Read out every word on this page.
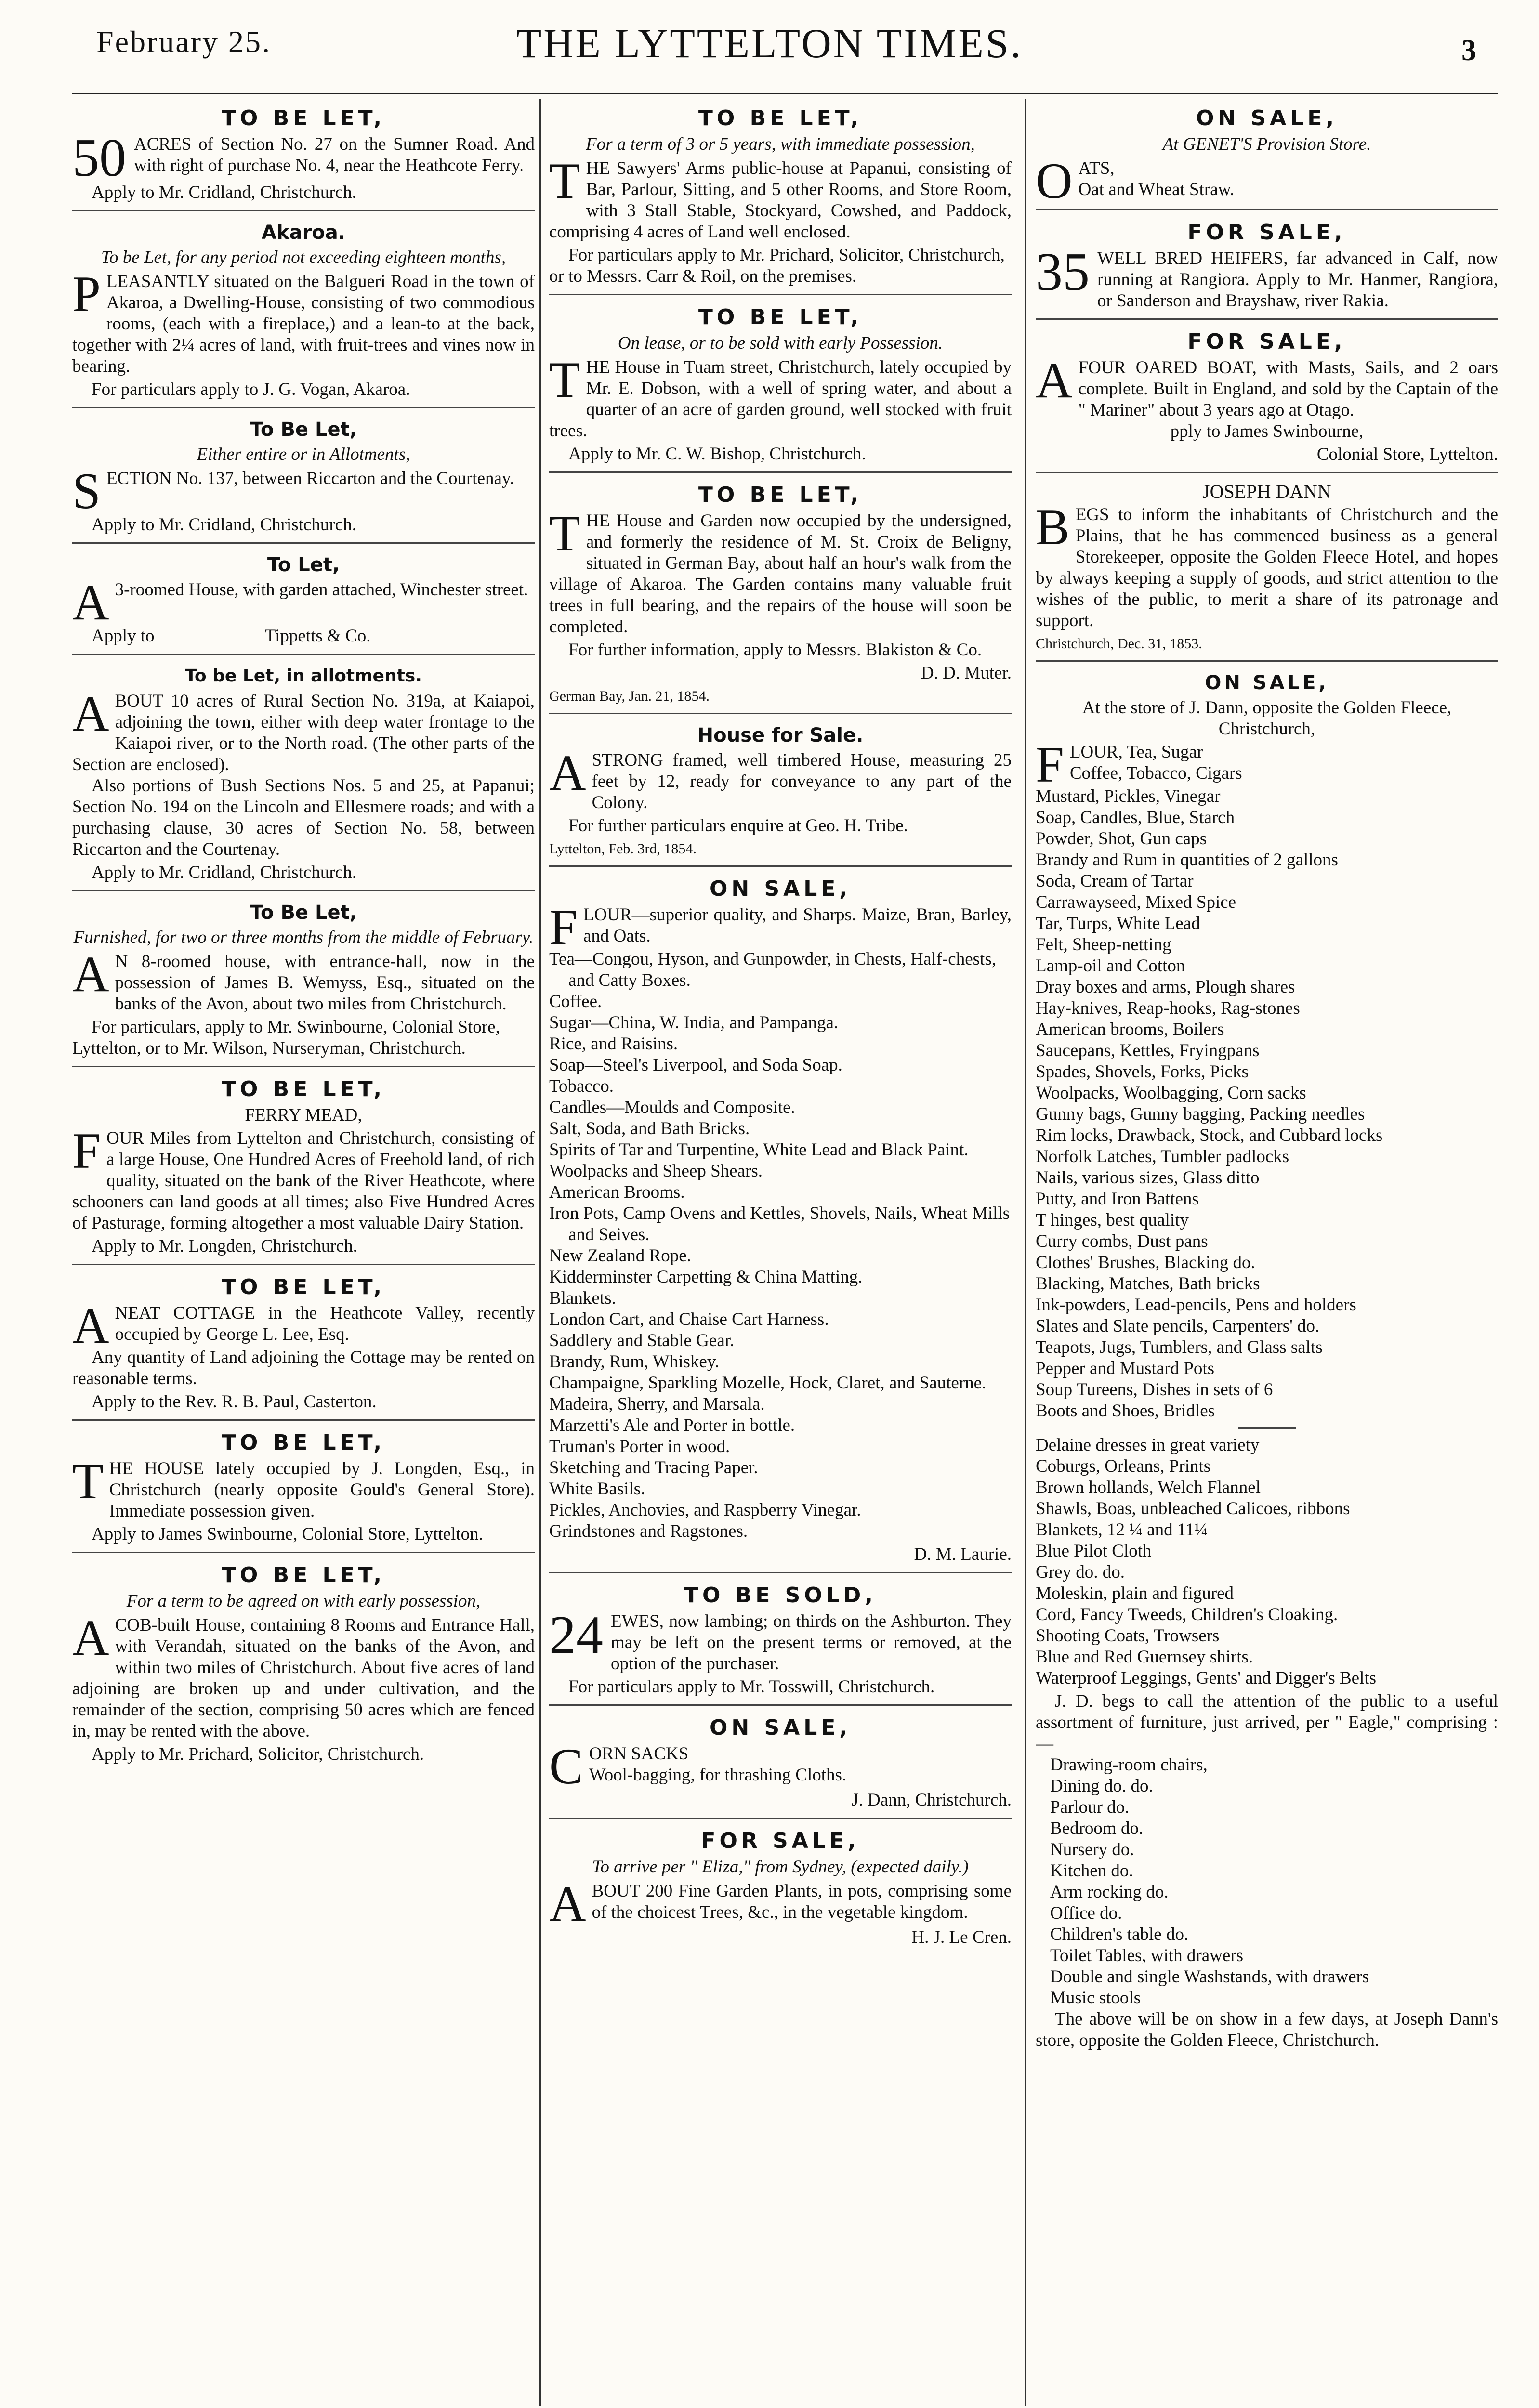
February 25.	THE LYTTELTON TIMES.	3
TO BE LET,
50 ACRES of Section No. 27 on the Sumner Road. And with right of purchase No. 4, near the Heathcote Ferry.

Apply to Mr. Cridland, Christchurch.
Akaroa.
To be Let, for any period not exceeding eighteen months,
P LEASANTLY situated on the Balgueri Road in the town of Akaroa, a Dwelling-House, consisting of two commodious rooms, (each with a fireplace,) and a lean-to at the back, together with 2¼ acres of land, with fruit-trees and vines now in bearing.

For particulars apply to J. G. Vogan, Akaroa.
To Be Let,
Either entire or in Allotments,
S ECTION No. 137, between Riccarton and the Courtenay.

Apply to Mr. Cridland, Christchurch.
To Let,
A 3-roomed House, with garden attached, Winchester street.

Apply to	Tippetts & Co.
To be Let, in allotments.
A BOUT 10 acres of Rural Section No. 319a, at Kaiapoi, adjoining the town, either with deep water frontage to the Kaiapoi river, or to the North road. (The other parts of the Section are enclosed).

Also portions of Bush Sections Nos. 5 and 25, at Papanui; Section No. 194 on the Lincoln and Ellesmere roads; and with a purchasing clause, 30 acres of Section No. 58, between Riccarton and the Courtenay.

Apply to Mr. Cridland, Christchurch.
To Be Let,
Furnished, for two or three months from the middle of February.
A N 8-roomed house, with entrance-hall, now in the possession of James B. Wemyss, Esq., situated on the banks of the Avon, about two miles from Christchurch.

For particulars, apply to Mr. Swinbourne, Colonial Store, Lyttelton, or to Mr. Wilson, Nurseryman, Christchurch.
TO BE LET,
FERRY MEAD,
F OUR Miles from Lyttelton and Christchurch, consisting of a large House, One Hundred Acres of Freehold land, of rich quality, situated on the bank of the River Heathcote, where schooners can land goods at all times; also Five Hundred Acres of Pasturage, forming altogether a most valuable Dairy Station.

Apply to Mr. Longden, Christchurch.
TO BE LET,
A NEAT COTTAGE in the Heathcote Valley, recently occupied by George L. Lee, Esq.

Any quantity of Land adjoining the Cottage may be rented on reasonable terms.

Apply to the Rev. R. B. Paul, Casterton.
TO BE LET,
T HE HOUSE lately occupied by J. Longden, Esq., in Christchurch (nearly opposite Gould's General Store). Immediate possession given.

Apply to James Swinbourne, Colonial Store, Lyttelton.
TO BE LET,
For a term to be agreed on with early possession,
A COB-built House, containing 8 Rooms and Entrance Hall, with Verandah, situated on the banks of the Avon, and within two miles of Christchurch. About five acres of land adjoining are broken up and under cultivation, and the remainder of the section, comprising 50 acres which are fenced in, may be rented with the above.

Apply to Mr. Prichard, Solicitor, Christchurch.
TO BE LET,
For a term of 3 or 5 years, with immediate possession,
T HE Sawyers' Arms public-house at Papanui, consisting of Bar, Parlour, Sitting, and 5 other Rooms, and Store Room, with 3 Stall Stable, Stockyard, Cowshed, and Paddock, comprising 4 acres of Land well enclosed.

For particulars apply to Mr. Prichard, Solicitor, Christchurch, or to Messrs. Carr & Roil, on the premises.
TO BE LET,
On lease, or to be sold with early Possession.
T HE House in Tuam street, Christchurch, lately occupied by Mr. E. Dobson, with a well of spring water, and about a quarter of an acre of garden ground, well stocked with fruit trees.

Apply to Mr. C. W. Bishop, Christchurch.
TO BE LET,
T HE House and Garden now occupied by the undersigned, and formerly the residence of M. St. Croix de Beligny, situated in German Bay, about half an hour's walk from the village of Akaroa. The Garden contains many valuable fruit trees in full bearing, and the repairs of the house will soon be completed.

For further information, apply to Messrs. Blakiston & Co.
D. D. Muter.
German Bay, Jan. 21, 1854.
House for Sale.
A STRONG framed, well timbered House, measuring 25 feet by 12, ready for conveyance to any part of the Colony.

For further particulars enquire at Geo. H. Tribe.
Lyttelton, Feb. 3rd, 1854.
ON SALE,
F LOUR—superior quality, and Sharps. Maize, Bran, Barley, and Oats.

Tea—Congou, Hyson, and Gunpowder, in Chests, Half-chests, and Catty Boxes.
Coffee.
Sugar—China, W. India, and Pampanga.
Rice, and Raisins.
Soap—Steel's Liverpool, and Soda Soap.
Tobacco.
Candles—Moulds and Composite.
Salt, Soda, and Bath Bricks.
Spirits of Tar and Turpentine, White Lead and Black Paint.
Woolpacks and Sheep Shears.
American Brooms.
Iron Pots, Camp Ovens and Kettles, Shovels, Nails, Wheat Mills and Seives.
New Zealand Rope.
Kidderminster Carpetting & China Matting.
Blankets.
London Cart, and Chaise Cart Harness.
Saddlery and Stable Gear.
Brandy, Rum, Whiskey.
Champaigne, Sparkling Mozelle, Hock, Claret, and Sauterne.
Madeira, Sherry, and Marsala.
Marzetti's Ale and Porter in bottle.
Truman's Porter in wood.
Sketching and Tracing Paper.
White Basils.
Pickles, Anchovies, and Raspberry Vinegar.
Grindstones and Ragstones.
D. M. Laurie.
TO BE SOLD,
24 EWES, now lambing; on thirds on the Ashburton. They may be left on the present terms or removed, at the option of the purchaser.

For particulars apply to Mr. Tosswill, Christchurch.
ON SALE,
C ORN SACKS

Wool-bagging, for thrashing Cloths.

J. Dann, Christchurch.
FOR SALE,
To arrive per " Eliza," from Sydney, (expected daily.)
A BOUT 200 Fine Garden Plants, in pots, comprising some of the choicest Trees, &c., in the vegetable kingdom.

H. J. Le Cren.
ON SALE,
At GENET'S Provision Store.
O ATS,

Oat and Wheat Straw.

FOR SALE,
35 WELL BRED HEIFERS, far advanced in Calf, now running at Rangiora. Apply to Mr. Hanmer, Rangiora, or Sanderson and Brayshaw, river Rakia.

FOR SALE,
A FOUR OARED BOAT, with Masts, Sails, and 2 oars complete. Built in England, and sold by the Captain of the " Mariner" about 3 years ago at Otago.

pply to James Swinbourne,
Colonial Store, Lyttelton.
JOSEPH DANN
B EGS to inform the inhabitants of Christchurch and the Plains, that he has commenced business as a general Storekeeper, opposite the Golden Fleece Hotel, and hopes by always keeping a supply of goods, and strict attention to the wishes of the public, to merit a share of its patronage and support.

Christchurch, Dec. 31, 1853.
ON SALE,
At the store of J. Dann, opposite the Golden Fleece, Christchurch,
F LOUR, Tea, Sugar

Coffee, Tobacco, Cigars

Mustard, Pickles, Vinegar
Soap, Candles, Blue, Starch
Powder, Shot, Gun caps
Brandy and Rum in quantities of 2 gallons
Soda, Cream of Tartar
Carrawayseed, Mixed Spice
Tar, Turps, White Lead
Felt, Sheep-netting
Lamp-oil and Cotton
Dray boxes and arms, Plough shares
Hay-knives, Reap-hooks, Rag-stones
American brooms, Boilers
Saucepans, Kettles, Fryingpans
Spades, Shovels, Forks, Picks
Woolpacks, Woolbagging, Corn sacks
Gunny bags, Gunny bagging, Packing needles
Rim locks, Drawback, Stock, and Cubbard locks
Norfolk Latches, Tumbler padlocks
Nails, various sizes, Glass ditto
Putty, and Iron Battens
T hinges, best quality
Curry combs, Dust pans
Clothes' Brushes, Blacking do.
Blacking, Matches, Bath bricks
Ink-powders, Lead-pencils, Pens and holders
Slates and Slate pencils, Carpenters' do.
Teapots, Jugs, Tumblers, and Glass salts
Pepper and Mustard Pots
Soup Tureens, Dishes in sets of 6
Boots and Shoes, Bridles
Delaine dresses in great variety
Coburgs, Orleans, Prints
Brown hollands, Welch Flannel
Shawls, Boas, unbleached Calicoes, ribbons
Blankets, 12 ¼ and 11¼
Blue Pilot Cloth
Grey do. do.
Moleskin, plain and figured
Cord, Fancy Tweeds, Children's Cloaking.
Shooting Coats, Trowsers
Blue and Red Guernsey shirts.
Waterproof Leggings, Gents' and Digger's Belts

J. D. begs to call the attention of the public to a useful assortment of furniture, just arrived, per " Eagle," comprising :—

Drawing-room chairs,
Dining do. do.
Parlour do.
Bedroom do.
Nursery do.
Kitchen do.
Arm rocking do.
Office do.
Children's table do.
Toilet Tables, with drawers
Double and single Washstands, with drawers
Music stools

The above will be on show in a few days, at Joseph Dann's store, opposite the Golden Fleece, Christchurch.
